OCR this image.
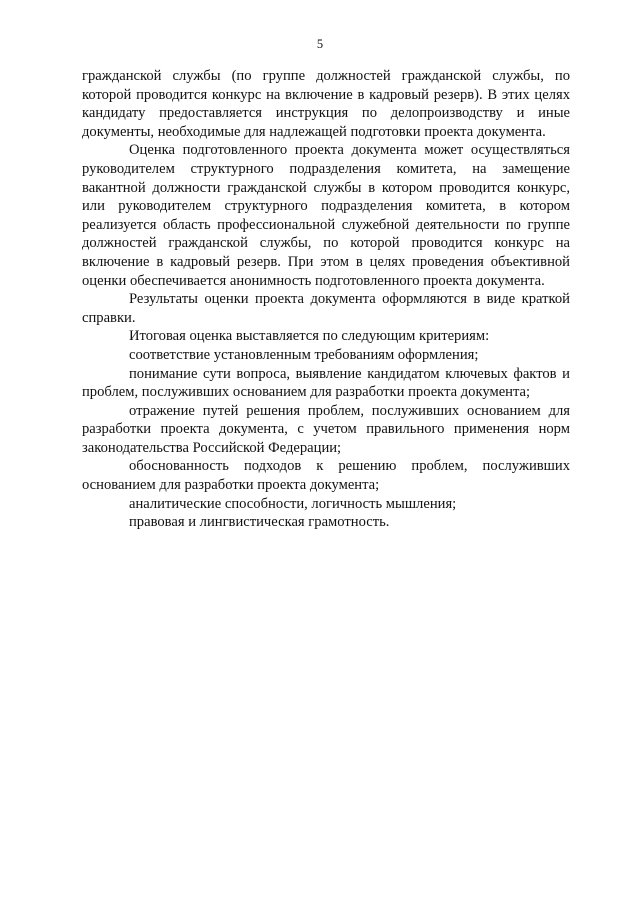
5

гражданской службы (по группе должностей гражданской службы, по которой проводится конкурс на включение в кадровый резерв). В этих целях кандидату предоставляется инструкция по делопроизводству и иные документы, необходимые для надлежащей подготовки проекта документа.

Оценка подготовленного проекта документа может осуществляться руководителем структурного подразделения комитета, на замещение вакантной должности гражданской службы в котором проводится конкурс, или руководителем структурного подразделения комитета, в котором реализуется область профессиональной служебной деятельности по группе должностей гражданской службы, по которой проводится конкурс на включение в кадровый резерв. При этом в целях проведения объективной оценки обеспечивается анонимность подготовленного проекта документа.

Результаты оценки проекта документа оформляются в виде краткой справки.

Итоговая оценка выставляется по следующим критериям:

соответствие установленным требованиям оформления;

понимание сути вопроса, выявление кандидатом ключевых фактов и проблем, послуживших основанием для разработки проекта документа;

отражение путей решения проблем, послуживших основанием для разработки проекта документа, с учетом правильного применения норм законодательства Российской Федерации;

обоснованность подходов к решению проблем, послуживших основанием для разработки проекта документа;

аналитические способности, логичность мышления;

правовая и лингвистическая грамотность.
